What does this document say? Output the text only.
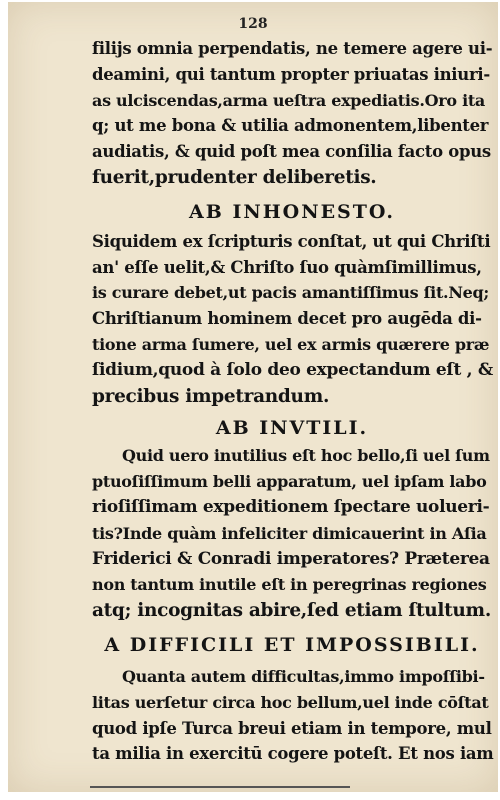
128
filijs omnia perpendatis, ne temere agere ui-
deamini, qui tantum propter priuatas iniuri-
as ulciscendas,arma ueſtra expediatis.Oro ita
q; ut me bona & utilia admonentem,libenter
audiatis, & quid poſt mea conſilia facto opus
fuerit,prudenter deliberetis.
AB INHONESTO.
Siquidem ex ſcripturis conſtat, ut qui Chriſti
an' eſſe uelit,& Chriſto ſuo quàmſimillimus,
is curare debet,ut pacis amantiſſimus ſit.Neq;
Chriſtianum hominem decet pro augēda di-
tione arma ſumere, uel ex armis quærere præ
ſidium,quod à ſolo deo expectandum eſt , &
precibus impetrandum.
AB INVTILI.
Quid uero inutilius eſt hoc bello,ſi uel ſum
ptuoſiſſimum belli apparatum, uel ipſam labo
rioſiſſimam expeditionem ſpectare uolueri-
tis?Inde quàm infeliciter dimicauerint in Aſia
Friderici & Conradi imperatores? Præterea
non tantum inutile eſt in peregrinas regiones
atq; incognitas abire,ſed etiam ſtultum.
A DIFFICILI ET IMPOSSIBILI.
Quanta autem difficultas,immo impoſſibi-
litas uerſetur circa hoc bellum,uel inde cōſtat
quod ipſe Turca breui etiam in tempore, mul
ta milia in exercitū cogere poteſt. Et nos iam
